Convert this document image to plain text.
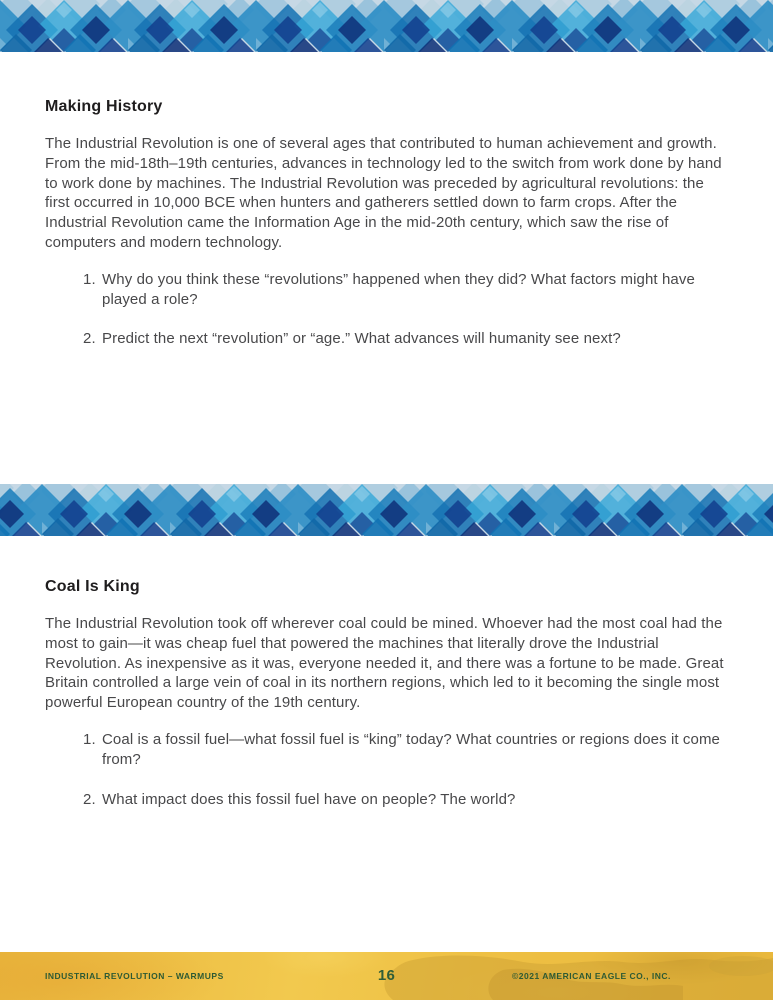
Making History

The Industrial Revolution is one of several ages that contributed to human achievement and growth. From the mid-18th–19th centuries, advances in technology led to the switch from work done by hand to work done by machines. The Industrial Revolution was preceded by agricultural revolutions: the first occurred in 10,000 BCE when hunters and gatherers settled down to farm crops. After the Industrial Revolution came the Information Age in the mid-20th century, which saw the rise of computers and modern technology.

1. Why do you think these “revolutions” happened when they did? What factors might have played a role?
2. Predict the next “revolution” or “age.” What advances will humanity see next?
Coal Is King

The Industrial Revolution took off wherever coal could be mined. Whoever had the most coal had the most to gain—it was cheap fuel that powered the machines that literally drove the Industrial Revolution. As inexpensive as it was, everyone needed it, and there was a fortune to be made. Great Britain controlled a large vein of coal in its northern regions, which led to it becoming the single most powerful European country of the 19th century.

1. Coal is a fossil fuel—what fossil fuel is “king” today? What countries or regions does it come from?
2. What impact does this fossil fuel have on people? The world?
INDUSTRIAL REVOLUTION – WARMUPS	16	©2021 AMERICAN EAGLE CO., INC.
